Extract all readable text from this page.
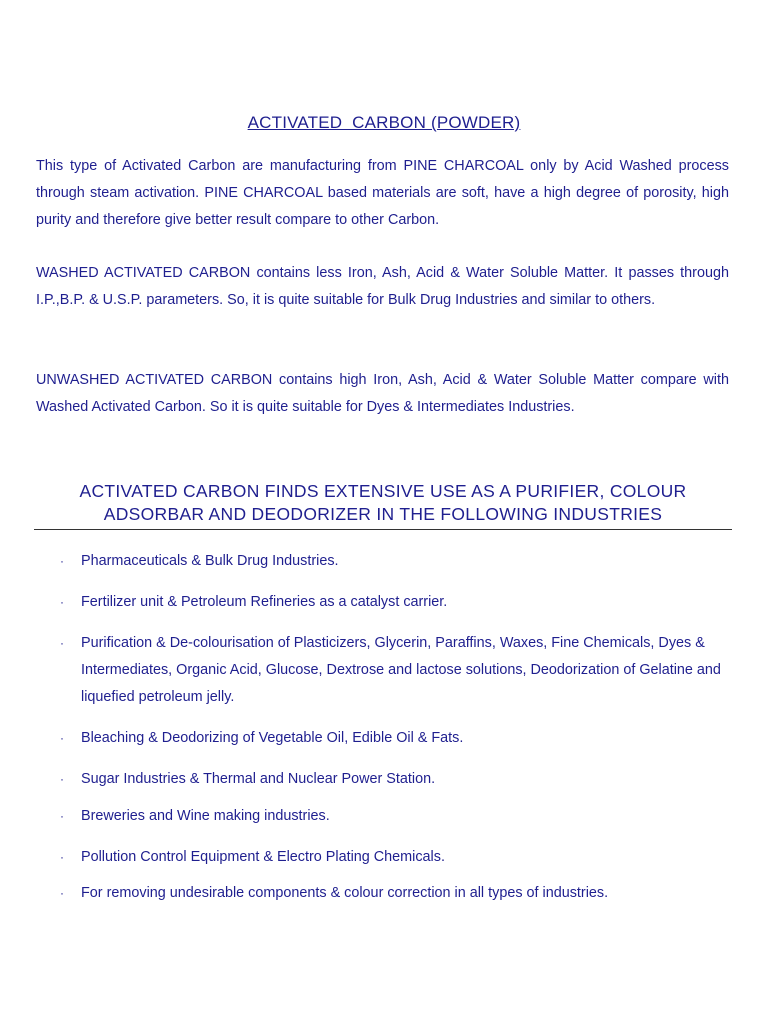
ACTIVATED  CARBON (POWDER)

This type of Activated Carbon are manufacturing from PINE CHARCOAL only by Acid Washed process through steam activation. PINE CHARCOAL based materials are soft, have a high degree of porosity, high purity and therefore give better result compare to other Carbon.

WASHED ACTIVATED CARBON contains less Iron, Ash, Acid & Water Soluble Matter. It passes through I.P.,B.P. & U.S.P. parameters. So, it is quite suitable for Bulk Drug Industries and similar to others.

UNWASHED ACTIVATED CARBON contains high Iron, Ash, Acid & Water Soluble Matter compare with Washed Activated Carbon. So it is quite suitable for Dyes & Intermediates Industries.

ACTIVATED CARBON FINDS EXTENSIVE USE AS A PURIFIER, COLOUR
ADSORBAR AND DEODORIZER IN THE FOLLOWING INDUSTRIES
· Pharmaceuticals & Bulk Drug Industries.
· Fertilizer unit & Petroleum Refineries as a catalyst carrier.
· Purification & De-colourisation of Plasticizers, Glycerin, Paraffins, Waxes, Fine Chemicals, Dyes & Intermediates, Organic Acid, Glucose, Dextrose and lactose solutions, Deodorization of Gelatine and liquefied petroleum jelly.
· Bleaching & Deodorizing of Vegetable Oil, Edible Oil & Fats.
· Sugar Industries & Thermal and Nuclear Power Station.
· Breweries and Wine making industries.
· Pollution Control Equipment & Electro Plating Chemicals.
· For removing undesirable components & colour correction in all types of industries.
